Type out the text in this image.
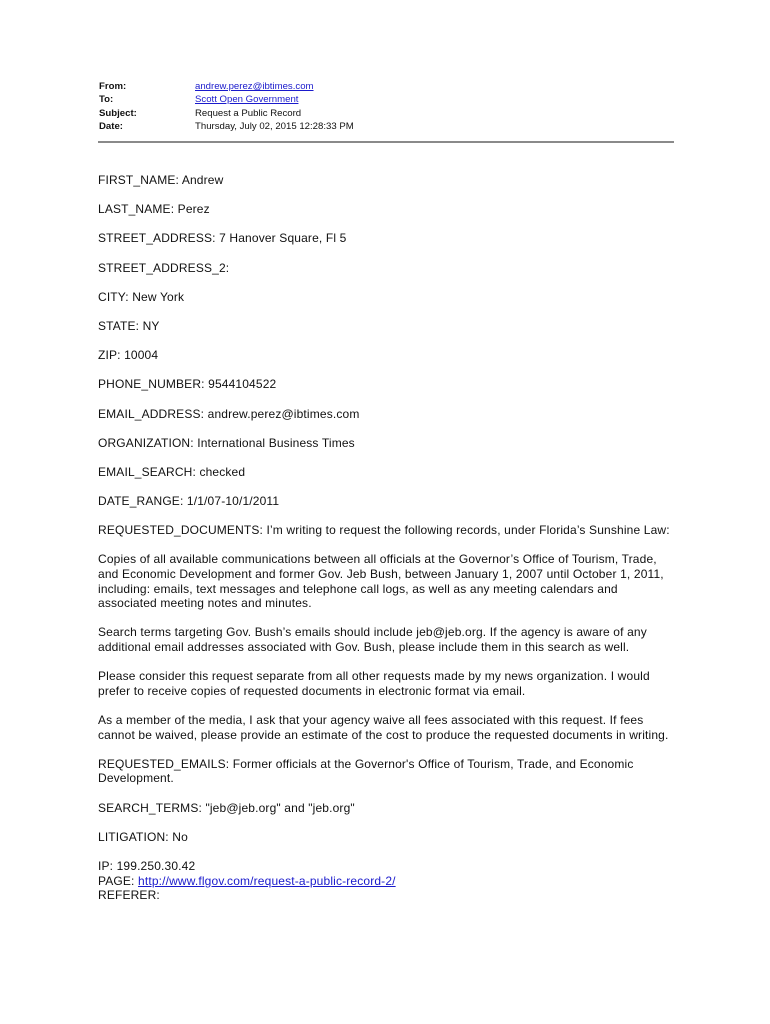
From:	andrew.perez@ibtimes.com
To:	Scott Open Government
Subject:	Request a Public Record
Date:	Thursday, July 02, 2015 12:28:33 PM

FIRST_NAME: Andrew

LAST_NAME: Perez

STREET_ADDRESS: 7 Hanover Square, Fl 5

STREET_ADDRESS_2:

CITY: New York

STATE: NY

ZIP: 10004

PHONE_NUMBER: 9544104522

EMAIL_ADDRESS: andrew.perez@ibtimes.com

ORGANIZATION: International Business Times

EMAIL_SEARCH: checked

DATE_RANGE: 1/1/07-10/1/2011

REQUESTED_DOCUMENTS: I’m writing to request the following records, under Florida’s Sunshine Law:

Copies of all available communications between all officials at the Governor’s Office of Tourism, Trade, and Economic Development and former Gov. Jeb Bush, between January 1, 2007 until October 1, 2011, including: emails, text messages and telephone call logs, as well as any meeting calendars and associated meeting notes and minutes.

Search terms targeting Gov. Bush’s emails should include jeb@jeb.org. If the agency is aware of any additional email addresses associated with Gov. Bush, please include them in this search as well.

Please consider this request separate from all other requests made by my news organization. I would prefer to receive copies of requested documents in electronic format via email.

As a member of the media, I ask that your agency waive all fees associated with this request. If fees cannot be waived, please provide an estimate of the cost to produce the requested documents in writing.

REQUESTED_EMAILS: Former officials at the Governor's Office of Tourism, Trade, and Economic Development.

SEARCH_TERMS: "jeb@jeb.org" and "jeb.org"

LITIGATION: No

IP: 199.250.30.42

PAGE: http://www.flgov.com/request-a-public-record-2/

REFERER:
